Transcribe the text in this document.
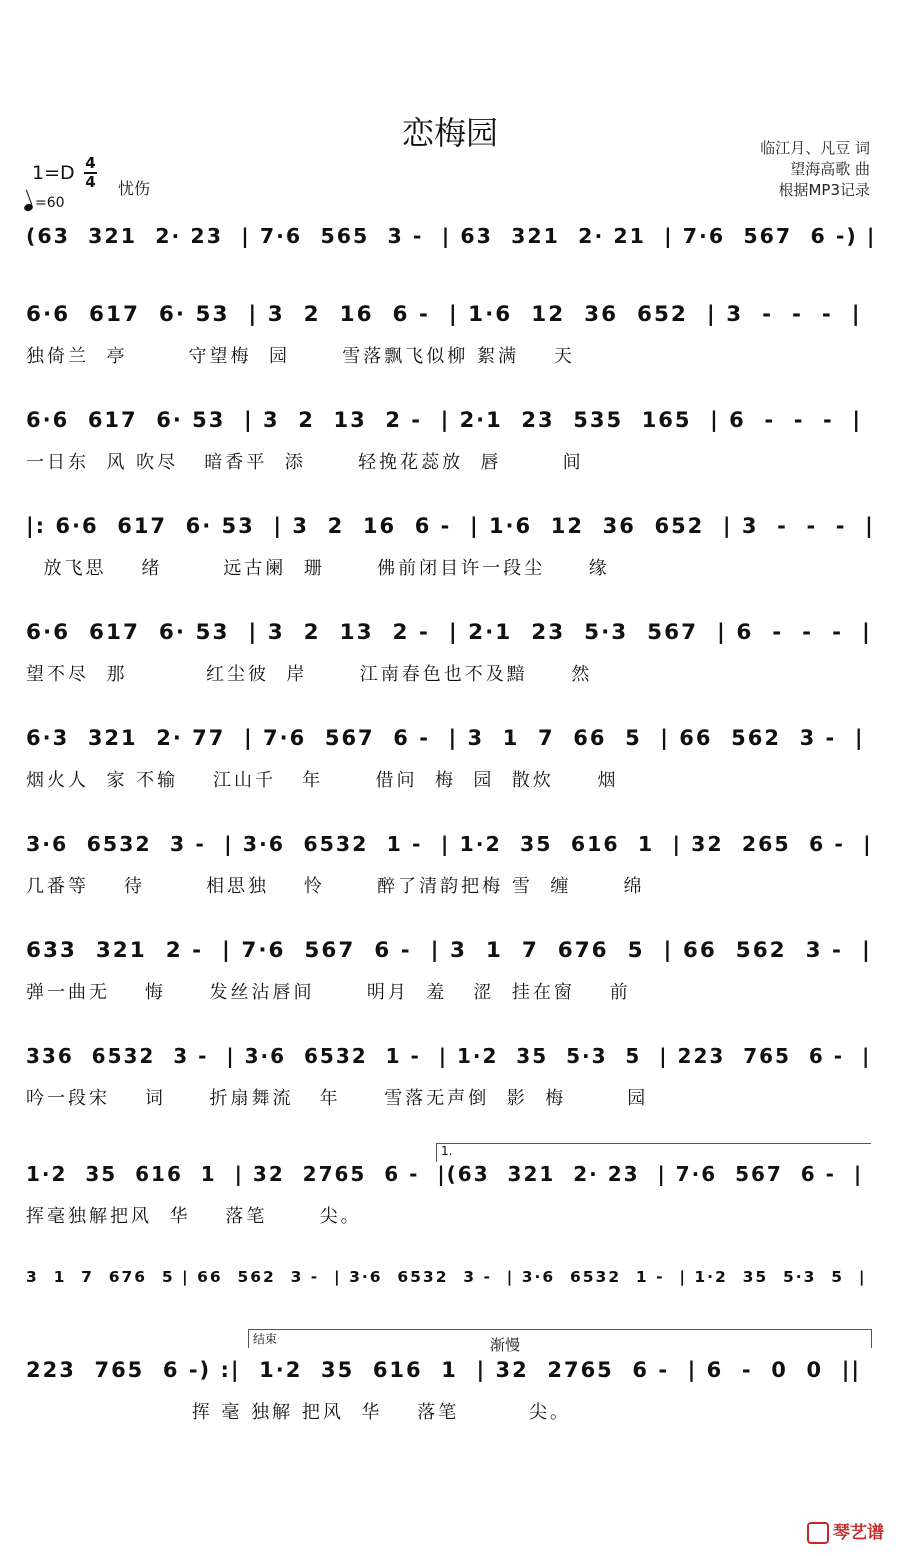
恋梅园	临江月、凡豆 词
望海高歌 曲
根据MP3记录
1=D 4
4 忧伤
=60
(63  321  2· 23  | 7·6  565  3 -  | 63  321  2· 21  | 7·6  567  6 -) |
6·6  617  6· 53  | 3  2  16  6 -  | 1·6  12  36  652  | 3  -  -  -  |
独倚兰  亭       守望梅  园      雪落飘飞似柳 絮满    天
6·6  617  6· 53  | 3  2  13  2 -  | 2·1  23  535  165  | 6  -  -  -  |
一日东  风 吹尽   暗香平  添      轻挽花蕊放  唇       间
|: 6·6  617  6· 53  | 3  2  16  6 -  | 1·6  12  36  652  | 3  -  -  -  |
放飞思    绪       远古阑  珊      佛前闭目许一段尘     缘
6·6  617  6· 53  | 3  2  13  2 -  | 2·1  23  5·3  567  | 6  -  -  -  |
望不尽  那         红尘彼  岸      江南春色也不及黯     然
6·3  321  2· 77  | 7·6  567  6 -  | 3  1  7  66  5  | 66  562  3 -  |
烟火人  家 不输    江山千   年      借问  梅  园  散炊     烟
3·6  6532  3 -  | 3·6  6532  1 -  | 1·2  35  616  1  | 32  265  6 -  |
几番等    待       相思独    怜      醉了清韵把梅 雪  缠      绵
633  321  2 -  | 7·6  567  6 -  | 3  1  7  676  5  | 66  562  3 -  |
弹一曲无    悔     发丝沾唇间      明月  羞   涩  挂在窗    前
336  6532  3 -  | 3·6  6532  1 -  | 1·2  35  5·3  5  | 223  765  6 -  |
吟一段宋    词     折扇舞流   年     雪落无声倒  影  梅       园
1.
1·2  35  616  1  | 32  2765  6 -  |(63  321  2· 23  | 7·6  567  6 -  |
挥毫独解把风  华    落笔      尖。
3  1  7  676  5 | 66  562  3 -  | 3·6  6532  3 -  | 3·6  6532  1 -  | 1·2  35  5·3  5  |
结束	渐慢
223  765  6 -) :|  1·2  35  616  1  | 32  2765  6 -  | 6  -  0  0  ||
挥 毫 独解 把风  华    落笔        尖。
琴艺谱
